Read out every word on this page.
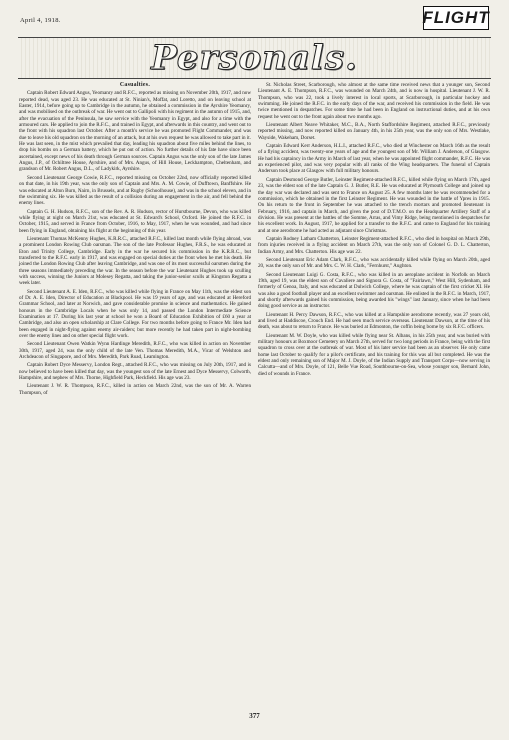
April 4, 1918.	FLIGHT
Personals.
Casualties.

Captain Robert Edward Angus, Yeomanry and R.F.C., reported as missing on November 20th, 1917, and now reported dead, was aged 23. He was educated at St. Ninian's, Moffat, and Loretto, and on leaving school at Easter, 1914, before going up to Cambridge in the autumn, he obtained a commission in the Ayrshire Yeomanry, and was mobilised on the outbreak of war. He went out to Gallipoli with his regiment in the autumn of 1915, and, after the evacuation of the Peninsula, he saw service with the Yeomanry in Egypt, and also for a time with the armoured cars. He applied to join the R.F.C., and trained in Egypt, and afterwards in this country, and went out to the front with his squadron last October. After a month's service he was promoted Flight Commander, and was due to leave his old squadron on the morning of an attack, but at his own request he was allowed to take part in it. He was last seen, in the mist which prevailed that day, leading his squadron about five miles behind the lines, to drop his bombs on a German battery, which he put out of action. No further details of his fate have since been ascertained, except news of his death through German sources. Captain Angus was the only son of the late James Angus, J.P., of Ochiltree House, Ayrshire, and of Mrs. Angus, of Hill House, Leckhampton, Cheltenham, and grandson of Mr. Robert Angus, D.L., of Ladykirk, Ayrshire.

Second Lieutenant George Cowie, R.F.C., reported missing on October 22nd, now officially reported killed on that date, in his 19th year, was the only son of Captain and Mrs. A. M. Cowie, of Dufftown, Banffshire. He was educated at Alton Burn, Nairn, in Brussels, and at Rugby (Schoolhouse), and was in the school eleven, and in the swimming six. He was killed as the result of a collision during an engagement in the air, and fell behind the enemy lines.

Captain G. H. Hudson, R.F.C., son of the Rev. A. R. Hudson, rector of Hurstbourne, Devon, who was killed while flying at night on March 21st, was educated at St. Edward's School, Oxford. He joined the R.F.C. in October, 1915, and served in France from October, 1916, to May, 1917, when he was wounded, and had since been flying in England, obtaining his flight at the beginning of this year.

Lieutenant Thomas McKenny Hughes, K.R.R.C., attached R.F.C., killed last month while flying abroad, was a prominent London Rowing Club oarsman. The son of the late Professor Hughes, F.R.S., he was educated at Eton and Trinity College, Cambridge. Early in the war he secured his commission in the K.R.R.C., but transferred to the R.F.C. early in 1917, and was engaged on special duties at the front when he met his death. He joined the London Rowing Club after leaving Cambridge, and was one of its most successful oarsmen during the three seasons immediately preceding the war. In the season before the war Lieutenant Hughes took up sculling with success, winning the Juniors at Molesey Regatta, and taking the junior-senior sculls at Kingston Regatta a week later.

Second Lieutenant A. E. Iden, R.F.C., who was killed while flying in France on May 11th, was the eldest son of Dr. A. E. Iden, Director of Education at Blackpool. He was 19 years of age, and was educated at Hereford Grammar School, and later at Norwich, and gave considerable promise in science and mathematics. He gained honours in the Cambridge Locals when he was only 14, and passed the London Intermediate Science Examination at 17. During his last year at school he won a Board of Education Exhibition of £60 a year at Cambridge, and also an open scholarship at Clare College. For two months before going to France Mr. Iden had been engaged in night-flying against enemy air-raiders; but more recently he had taken part in night-bombing over the enemy lines and on other special flight work.

Second Lieutenant Owen Watkin Wynn Hardinge Meredith, R.F.C., who was killed in action on November 30th, 1917, aged 24, was the only child of the late Ven. Thomas Meredith, M.A., Vicar of Welshton and Archdeacon of Singapore, and of Mrs. Meredith, Park Road, Leamington.

Captain Robert Dyce Messervy, London Regt., attached R.F.C., who was missing on July 20th, 1917, and is now believed to have been killed that day, was the youngest son of the late Ernest and Dyce Messervy, Colworth, Hampshire, and nephew of Mrs. Thorne, Highfield Park, Heckfield. His age was 23.

Lieutenant J. W. R. Thompson, R.F.C., killed in action on March 22nd, was the son of Mr. A. Warren Thompson, of

St. Nicholas Street, Scarborough, who almost at the same time received news that a younger son, Second Lieutenant A. E. Thompson, R.F.C., was wounded on March 24th, and is now in hospital. Lieutenant J. W. R. Thompson, who was 22, took a lively interest in local sports, at Scarborough, in particular hockey and swimming. He joined the R.F.C. in the early days of the war, and received his commission in the field. He was twice mentioned in despatches. For some time he had been in England on instructional duties, and at his own request he went out to the front again about two months ago.

Lieutenant Albert Neave Whitaker, M.C., B.A., North Staffordshire Regiment, attached R.F.C., previously reported missing, and now reported killed on January 4th, in his 25th year, was the only son of Mrs. Westlake, Wayside, Wakeham, Dorset.

Captain Edward Kerr Anderson, H.L.I., attached R.F.C., who died at Winchester on March 16th as the result of a flying accident, was twenty-one years of age and the youngest son of Mr. William J. Anderson, of Glasgow. He had his captaincy in the Army in March of last year, when he was appointed flight commander, R.F.C. He was an experienced pilot, and was very popular with all ranks of the Wing headquarters. The funeral of Captain Anderson took place at Glasgow with full military honours.

Captain Desmond George Butler, Leinster Regiment-attached R.F.C., killed while flying on March 17th, aged 23, was the eldest son of the late Captain G. J. Butler, R.E. He was educated at Plymouth College and joined up the day war was declared and was sent to France on August 25. A few months later he was recommended for a commission, which he obtained in the first Leinster Regiment. He was wounded in the battle of Ypres in 1915. On his return to the front in September he was attached to the trench mortars and promoted lieutenant in February, 1916, and captain in March, and given the post of D.T.M.O. on the Headquarter Artillery Staff of a division. He was present at the battles of the Somme, Arras, and Vimy Ridge, being mentioned in despatches for his excellent work. In August, 1917, he applied for a transfer to the R.F.C. and came to England for his training and at one aerodrome he had acted as adjutant since Christmas.

Captain Rodney Latham Chatterton, Leinster Regiment-attached R.F.C., who died in hospital on March 29th, from injuries received in a flying accident on March 27th, was the only son of Colonel G. D. L. Chatterton, Indian Army, and Mrs. Chatterton. His age was 22.

Second Lieutenant Eric Adam Clark, R.F.C., who was accidentally killed while flying on March 20th, aged 20, was the only son of Mr. and Mrs. C. W. H. Clark, "Fernhurst," Aughton.

Second Lieutenant Luigi G. Costa, R.F.C., who was killed in an aeroplane accident in Norfolk on March 19th, aged 19, was the eldest son of Cavaliere and Signora G. Costa, of "Fairlawn," West Hill, Sydenham, and formerly of Genoa, Italy, and was educated at Dulwich College, where he was captain of the first cricket XI. He was also a good football player and an excellent swimmer and oarsman. He enlisted in the R.F.C. in March, 1917, and shortly afterwards gained his commission, being awarded his "wings" last January, since when he had been doing good service as an instructor.

Lieutenant H. Percy Dawson, R.F.C., who was killed at a Hampshire aerodrome recently, was 27 years old, and lived at Haddiscoe, Crouch End. He had seen much service overseas. Lieutenant Dawson, at the time of his death, was about to return to France. He was buried at Edmonton, the coffin being borne by six R.F.C. officers.

Lieutenant M. W. Doyle, who was killed while flying near St. Albans, in his 25th year, and was buried with military honours at Boxmoor Cemetery on March 27th, served for two long periods in France, being with the first squadron to cross over at the outbreak of war. Most of his later service had been as an observer. He only came home last October to qualify for a pilot's certificate, and his training for this was all but completed. He was the eldest and only remaining son of Major M. J. Doyle, of the Indian Supply and Transport Corps—now serving in Calcutta—and of Mrs. Doyle, of 121, Belle Vue Road, Southbourne-on-Sea, whose younger son, Bernard John, died of wounds in France.

377
